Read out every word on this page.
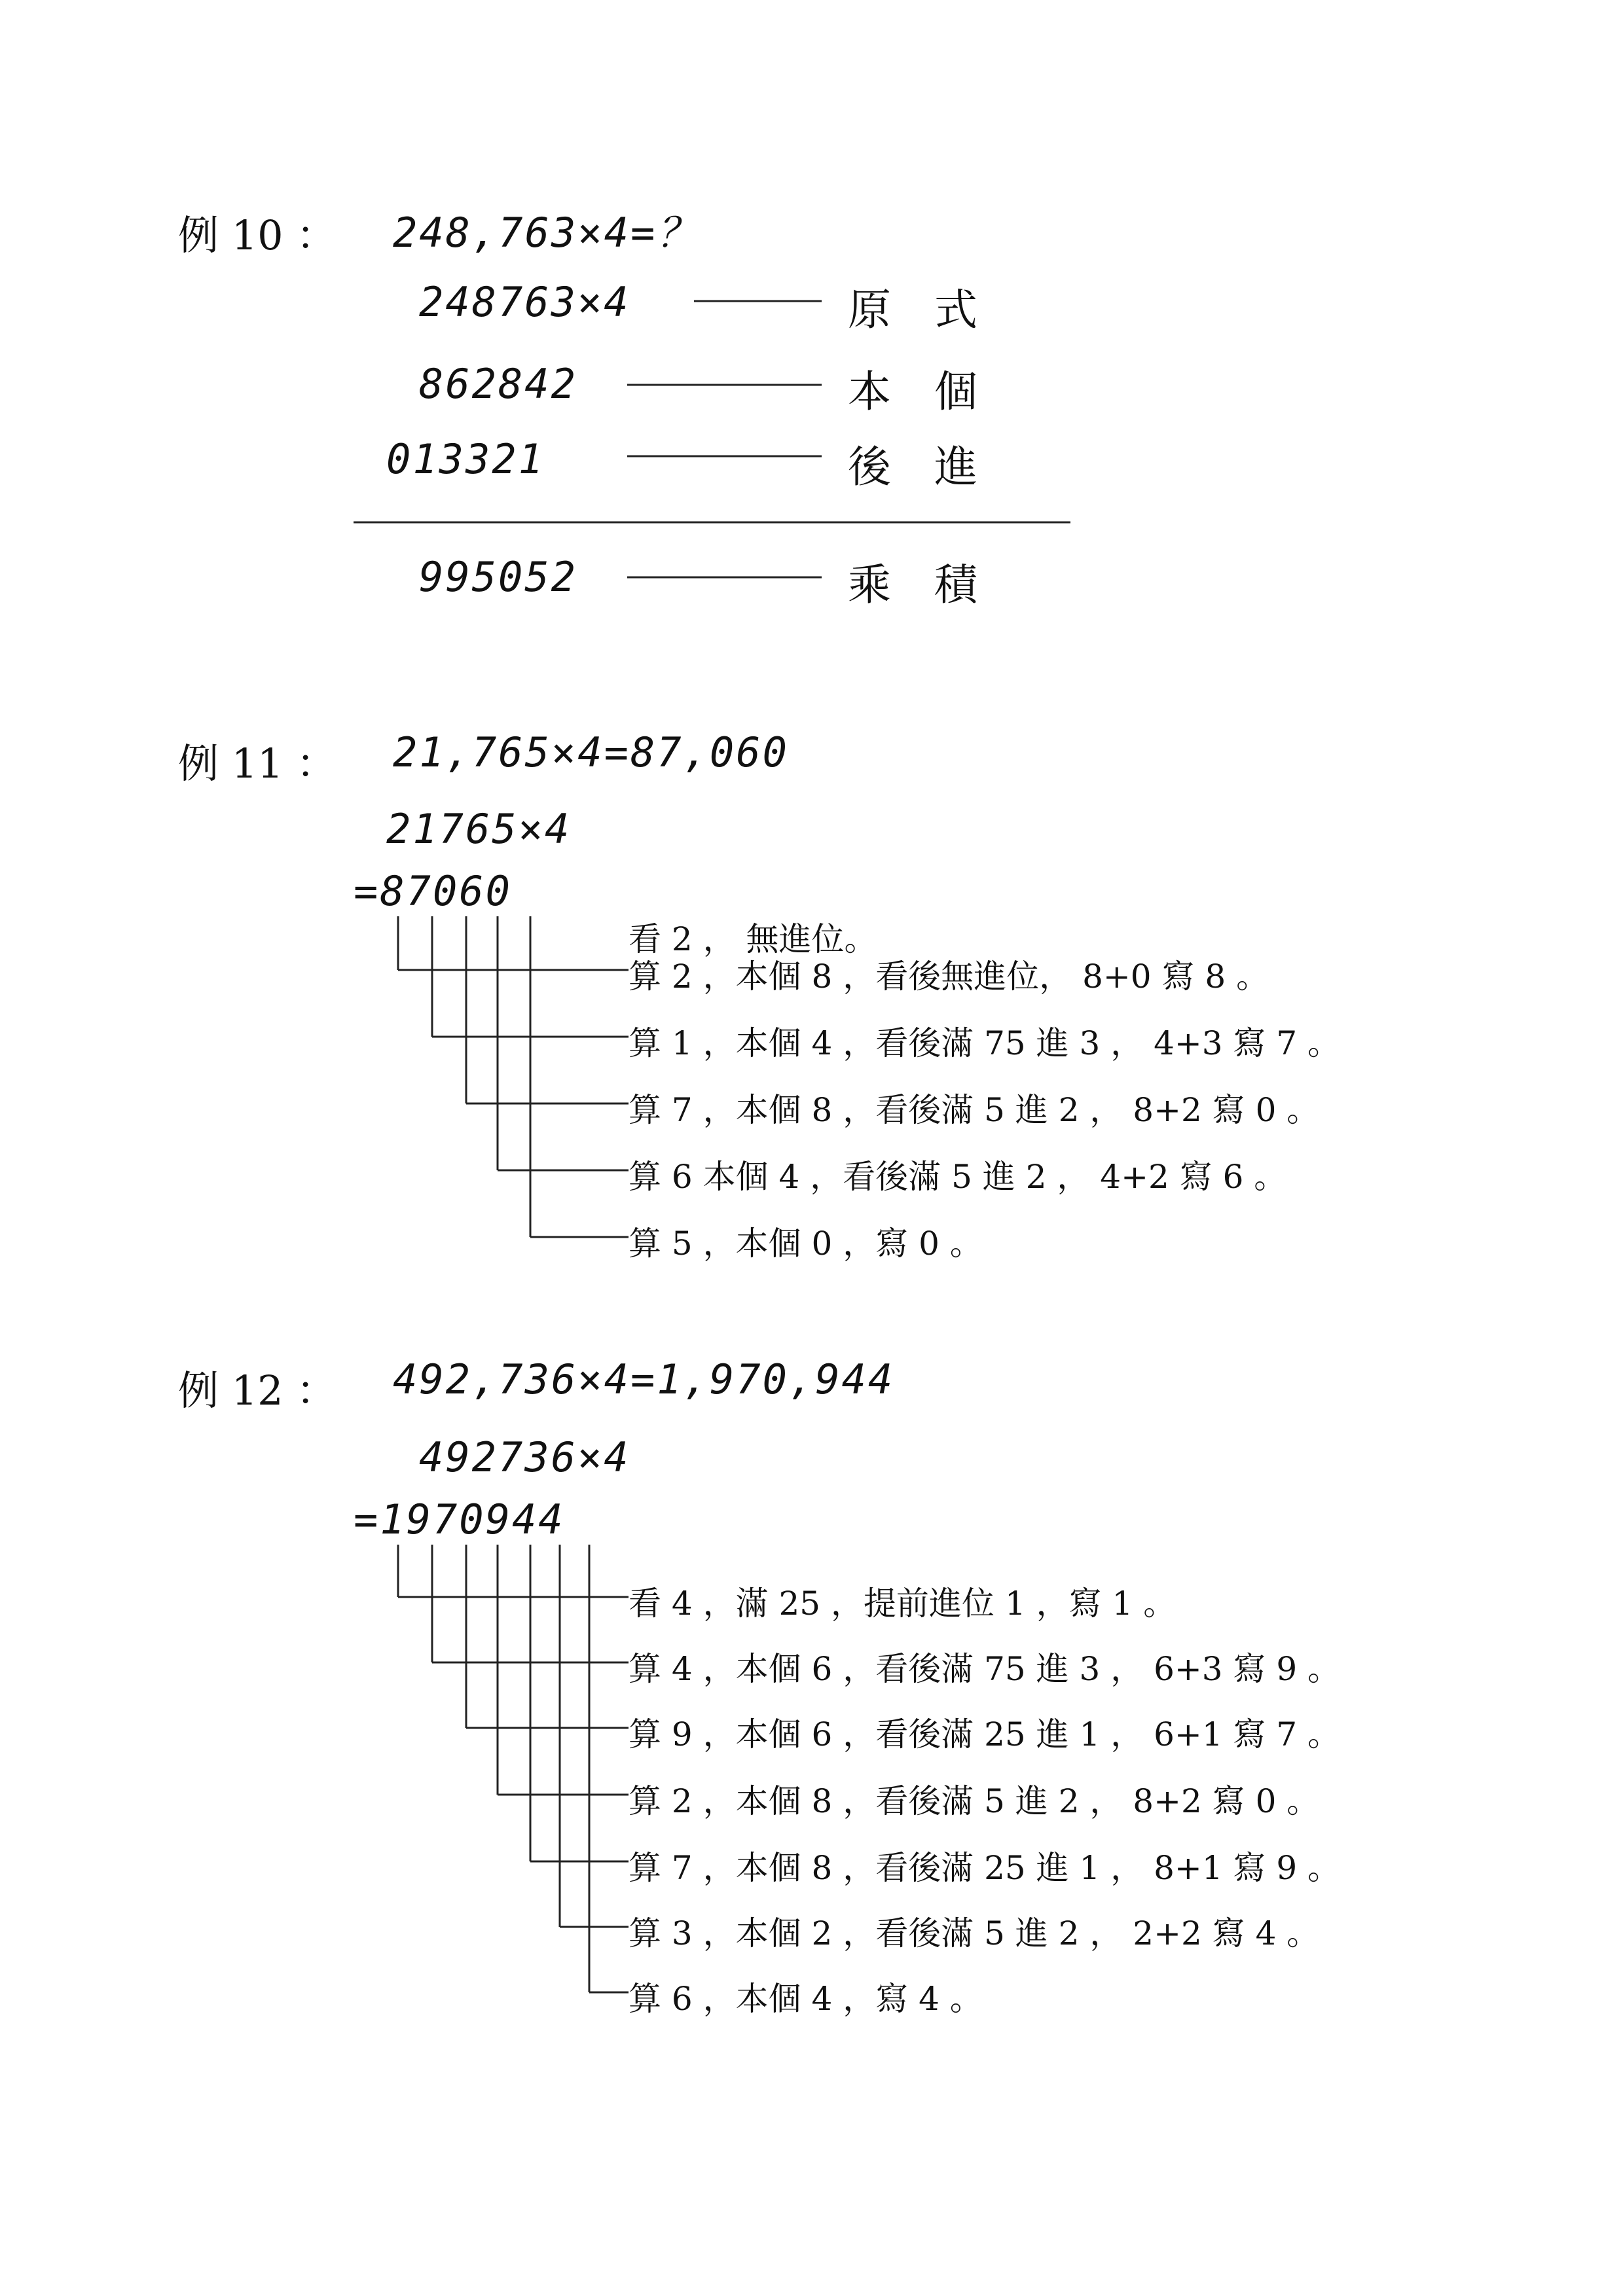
例 10 ： 248,763×4=？
248763×4	原　式
862842	本　個
013321	後　進
995052	乘　積
例 11 ： 21,765×4=87,060
21765×4
=87060
看 2 ， 無進位。
算 2 ，本個 8 ，看後無進位， 8+0 寫 8 。
算 1 ，本個 4 ，看後滿 75 進 3 ， 4+3 寫 7 。
算 7 ，本個 8 ，看後滿 5 進 2 ， 8+2 寫 0 。
算 6 本個 4 ，看後滿 5 進 2 ， 4+2 寫 6 。
算 5 ，本個 0 ，寫 0 。
例 12 ： 492,736×4=1,970,944
492736×4
=1970944
看 4 ，滿 25 ，提前進位 1 ，寫 1 。
算 4 ，本個 6 ，看後滿 75 進 3 ， 6+3 寫 9 。
算 9 ，本個 6 ，看後滿 25 進 1 ， 6+1 寫 7 。
算 2 ，本個 8 ，看後滿 5 進 2 ， 8+2 寫 0 。
算 7 ，本個 8 ，看後滿 25 進 1 ， 8+1 寫 9 。
算 3 ，本個 2 ，看後滿 5 進 2 ， 2+2 寫 4 。
算 6 ，本個 4 ，寫 4 。
